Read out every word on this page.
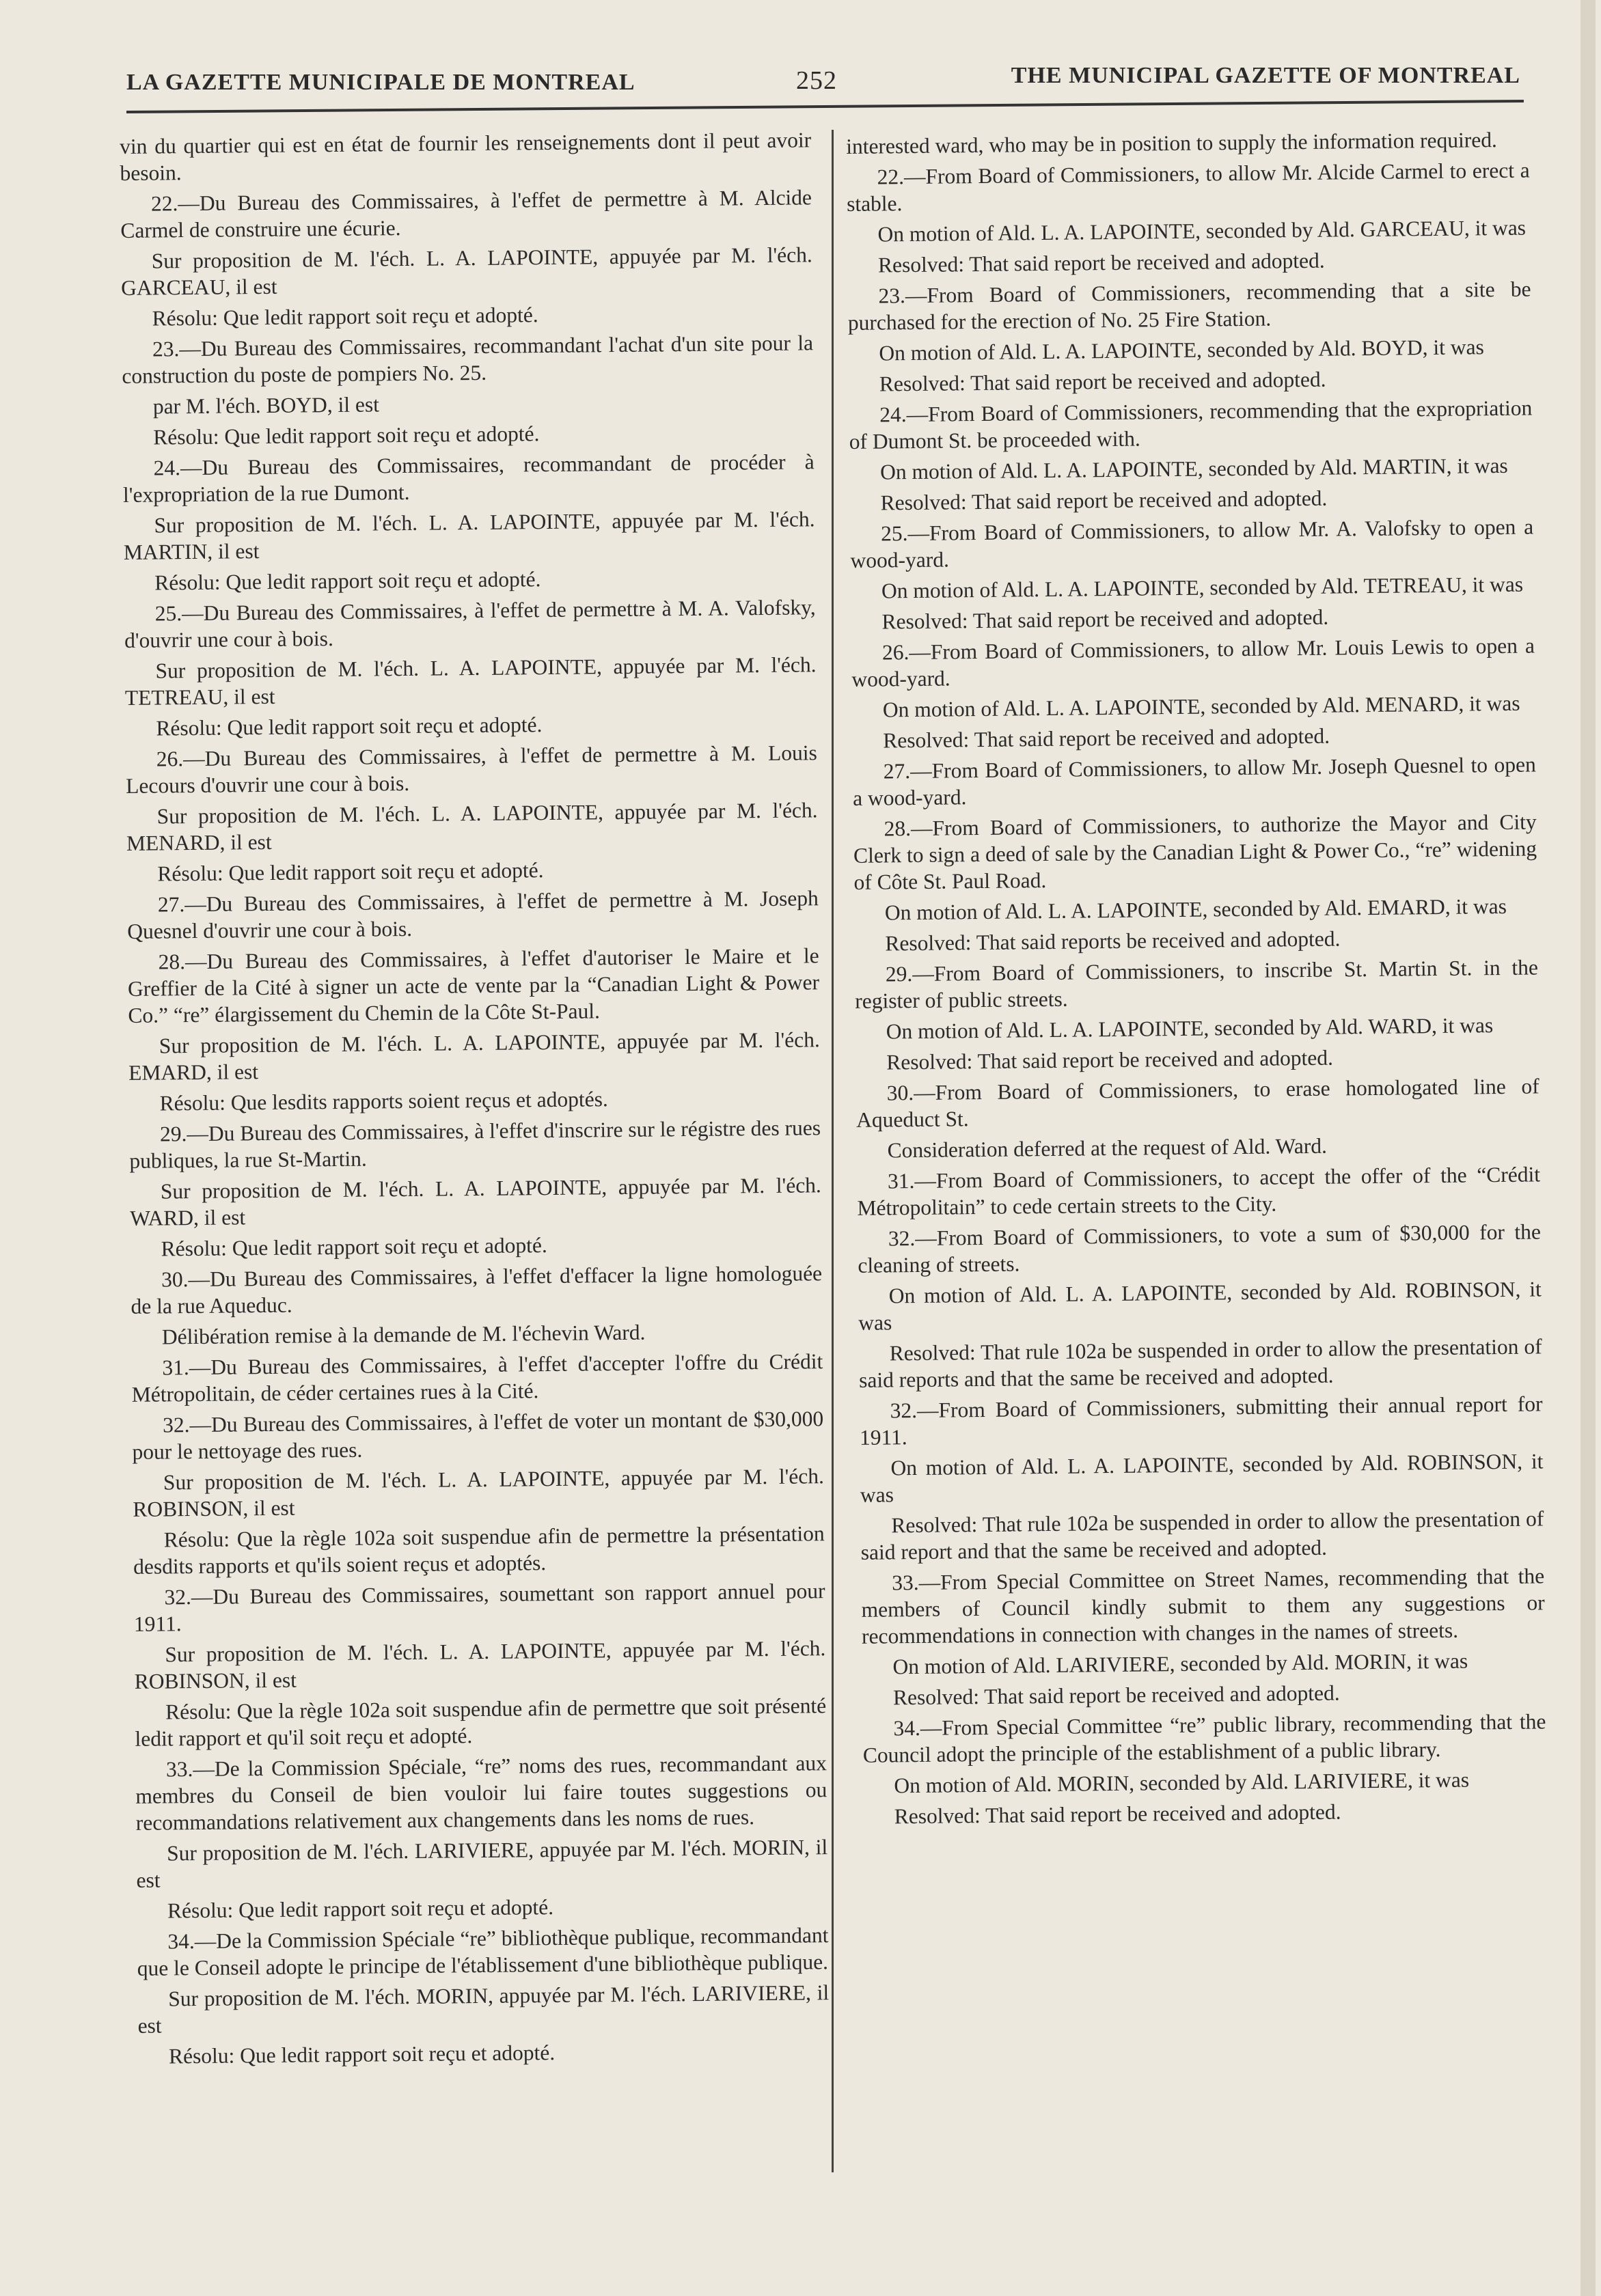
LA GAZETTE MUNICIPALE DE MONTREAL	252	THE MUNICIPAL GAZETTE OF MONTREAL

vin du quartier qui est en état de fournir les renseignements dont il peut avoir besoin.

22.—Du Bureau des Commissaires, à l'effet de permettre à M. Alcide Carmel de construire une écurie.

Sur proposition de M. l'éch. L. A. LAPOINTE, appuyée par M. l'éch. GARCEAU, il est

Résolu: Que ledit rapport soit reçu et adopté.

23.—Du Bureau des Commissaires, recommandant l'achat d'un site pour la construction du poste de pompiers No. 25.

par M. l'éch. BOYD, il est

Résolu: Que ledit rapport soit reçu et adopté.

24.—Du Bureau des Commissaires, recommandant de procéder à l'expropriation de la rue Dumont.

Sur proposition de M. l'éch. L. A. LAPOINTE, appuyée par M. l'éch. MARTIN, il est

Résolu: Que ledit rapport soit reçu et adopté.

25.—Du Bureau des Commissaires, à l'effet de permettre à M. A. Valofsky, d'ouvrir une cour à bois.

Sur proposition de M. l'éch. L. A. LAPOINTE, appuyée par M. l'éch. TETREAU, il est

Résolu: Que ledit rapport soit reçu et adopté.

26.—Du Bureau des Commissaires, à l'effet de permettre à M. Louis Lecours d'ouvrir une cour à bois.

Sur proposition de M. l'éch. L. A. LAPOINTE, appuyée par M. l'éch. MENARD, il est

Résolu: Que ledit rapport soit reçu et adopté.

27.—Du Bureau des Commissaires, à l'effet de permettre à M. Joseph Quesnel d'ouvrir une cour à bois.

28.—Du Bureau des Commissaires, à l'effet d'autoriser le Maire et le Greffier de la Cité à signer un acte de vente par la “Canadian Light & Power Co.” “re” élargissement du Chemin de la Côte St-Paul.

Sur proposition de M. l'éch. L. A. LAPOINTE, appuyée par M. l'éch. EMARD, il est

Résolu: Que lesdits rapports soient reçus et adoptés.

29.—Du Bureau des Commissaires, à l'effet d'inscrire sur le régistre des rues publiques, la rue St-Martin.

Sur proposition de M. l'éch. L. A. LAPOINTE, appuyée par M. l'éch. WARD, il est

Résolu: Que ledit rapport soit reçu et adopté.

30.—Du Bureau des Commissaires, à l'effet d'effacer la ligne homologuée de la rue Aqueduc.

Délibération remise à la demande de M. l'échevin Ward.

31.—Du Bureau des Commissaires, à l'effet d'accepter l'offre du Crédit Métropolitain, de céder certaines rues à la Cité.

32.—Du Bureau des Commissaires, à l'effet de voter un montant de $30,000 pour le nettoyage des rues.

Sur proposition de M. l'éch. L. A. LAPOINTE, appuyée par M. l'éch. ROBINSON, il est

Résolu: Que la règle 102a soit suspendue afin de permettre la présentation desdits rapports et qu'ils soient reçus et adoptés.

32.—Du Bureau des Commissaires, soumettant son rapport annuel pour 1911.

Sur proposition de M. l'éch. L. A. LAPOINTE, appuyée par M. l'éch. ROBINSON, il est

Résolu: Que la règle 102a soit suspendue afin de permettre que soit présenté ledit rapport et qu'il soit reçu et adopté.

33.—De la Commission Spéciale, “re” noms des rues, recommandant aux membres du Conseil de bien vouloir lui faire toutes suggestions ou recommandations relativement aux changements dans les noms de rues.

Sur proposition de M. l'éch. LARIVIERE, appuyée par M. l'éch. MORIN, il est

Résolu: Que ledit rapport soit reçu et adopté.

34.—De la Commission Spéciale “re” bibliothèque publique, recommandant que le Conseil adopte le principe de l'établissement d'une bibliothèque publique.

Sur proposition de M. l'éch. MORIN, appuyée par M. l'éch. LARIVIERE, il est

Résolu: Que ledit rapport soit reçu et adopté.

interested ward, who may be in position to supply the information required.

22.—From Board of Commissioners, to allow Mr. Alcide Carmel to erect a stable.

On motion of Ald. L. A. LAPOINTE, seconded by Ald. GARCEAU, it was

Resolved: That said report be received and adopted.

23.—From Board of Commissioners, recommending that a site be purchased for the erection of No. 25 Fire Station.

On motion of Ald. L. A. LAPOINTE, seconded by Ald. BOYD, it was

Resolved: That said report be received and adopted.

24.—From Board of Commissioners, recommending that the expropriation of Dumont St. be proceeded with.

On motion of Ald. L. A. LAPOINTE, seconded by Ald. MARTIN, it was

Resolved: That said report be received and adopted.

25.—From Board of Commissioners, to allow Mr. A. Valofsky to open a wood-yard.

On motion of Ald. L. A. LAPOINTE, seconded by Ald. TETREAU, it was

Resolved: That said report be received and adopted.

26.—From Board of Commissioners, to allow Mr. Louis Lewis to open a wood-yard.

On motion of Ald. L. A. LAPOINTE, seconded by Ald. MENARD, it was

Resolved: That said report be received and adopted.

27.—From Board of Commissioners, to allow Mr. Joseph Quesnel to open a wood-yard.

28.—From Board of Commissioners, to authorize the Mayor and City Clerk to sign a deed of sale by the Canadian Light & Power Co., “re” widening of Côte St. Paul Road.

On motion of Ald. L. A. LAPOINTE, seconded by Ald. EMARD, it was

Resolved: That said reports be received and adopted.

29.—From Board of Commissioners, to inscribe St. Martin St. in the register of public streets.

On motion of Ald. L. A. LAPOINTE, seconded by Ald. WARD, it was

Resolved: That said report be received and adopted.

30.—From Board of Commissioners, to erase homologated line of Aqueduct St.

Consideration deferred at the request of Ald. Ward.

31.—From Board of Commissioners, to accept the offer of the “Crédit Métropolitain” to cede certain streets to the City.

32.—From Board of Commissioners, to vote a sum of $30,000 for the cleaning of streets.

On motion of Ald. L. A. LAPOINTE, seconded by Ald. ROBINSON, it was

Resolved: That rule 102a be suspended in order to allow the presentation of said reports and that the same be received and adopted.

32.—From Board of Commissioners, submitting their annual report for 1911.

On motion of Ald. L. A. LAPOINTE, seconded by Ald. ROBINSON, it was

Resolved: That rule 102a be suspended in order to allow the presentation of said report and that the same be received and adopted.

33.—From Special Committee on Street Names, recommending that the members of Council kindly submit to them any suggestions or recommendations in connection with changes in the names of streets.

On motion of Ald. LARIVIERE, seconded by Ald. MORIN, it was

Resolved: That said report be received and adopted.

34.—From Special Committee “re” public library, recommending that the Council adopt the principle of the establishment of a public library.

On motion of Ald. MORIN, seconded by Ald. LARIVIERE, it was

Resolved: That said report be received and adopted.
